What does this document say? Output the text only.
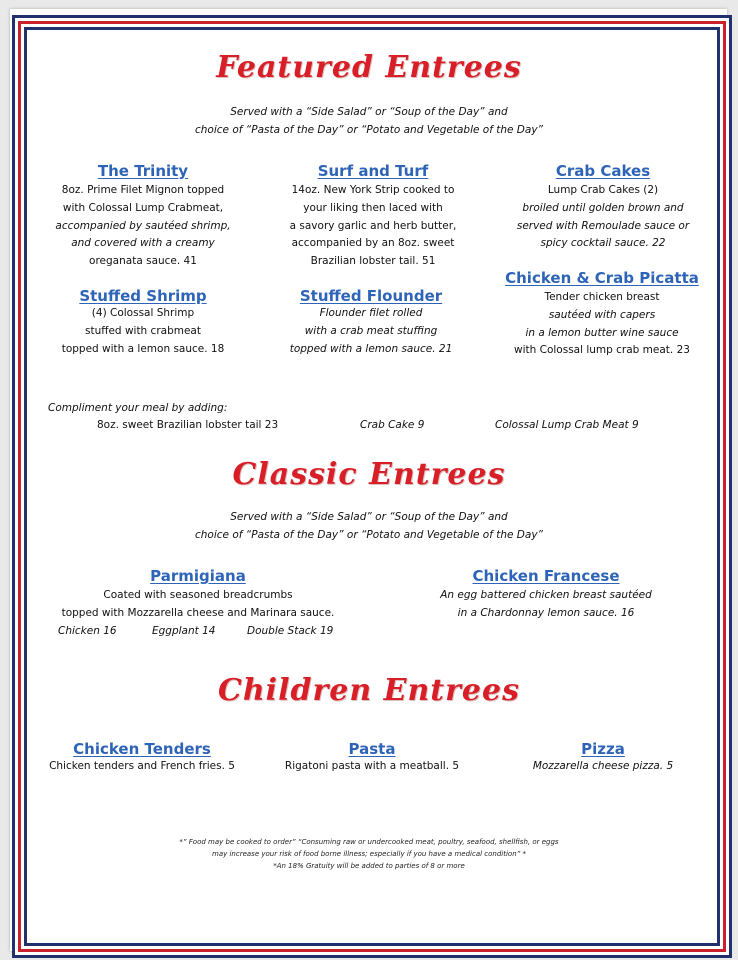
Featured Entrees
Served with a “Side Salad” or “Soup of the Day” and
choice of “Pasta of the Day” or “Potato and Vegetable of the Day”
The Trinity
8oz. Prime Filet Mignon topped
with Colossal Lump Crabmeat,
accompanied by sautéed shrimp,
and covered with a creamy
oreganata sauce. 41
Surf and Turf
14oz. New York Strip cooked to
your liking then laced with
a savory garlic and herb butter,
accompanied by an 8oz. sweet
Brazilian lobster tail. 51
Crab Cakes
Lump Crab Cakes (2)
broiled until golden brown and
served with Remoulade sauce or
spicy cocktail sauce. 22
Stuffed Shrimp
(4) Colossal Shrimp
stuffed with crabmeat
topped with a lemon sauce. 18
Stuffed Flounder
Flounder filet rolled
with a crab meat stuffing
topped with a lemon sauce. 21
Chicken & Crab Picatta
Tender chicken breast
sautéed with capers
in a lemon butter wine sauce
with Colossal lump crab meat. 23
Compliment your meal by adding:
8oz. sweet Brazilian lobster tail 23	Crab Cake 9	Colossal Lump Crab Meat 9
Classic Entrees
Served with a “Side Salad” or “Soup of the Day” and
choice of “Pasta of the Day” or “Potato and Vegetable of the Day”
Parmigiana
Coated with seasoned breadcrumbs
topped with Mozzarella cheese and Marinara sauce.
Chicken 16	Eggplant 14	Double Stack 19
Chicken Francese
An egg battered chicken breast sautéed
in a Chardonnay lemon sauce. 16
Children Entrees
Chicken Tenders
Chicken tenders and French fries. 5
Pasta
Rigatoni pasta with a meatball. 5
Pizza
Mozzarella cheese pizza. 5
*” Food may be cooked to order” “Consuming raw or undercooked meat, poultry, seafood, shellfish, or eggs
may increase your risk of food borne illness; especially if you have a medical condition” *
*An 18% Gratuity will be added to parties of 8 or more
